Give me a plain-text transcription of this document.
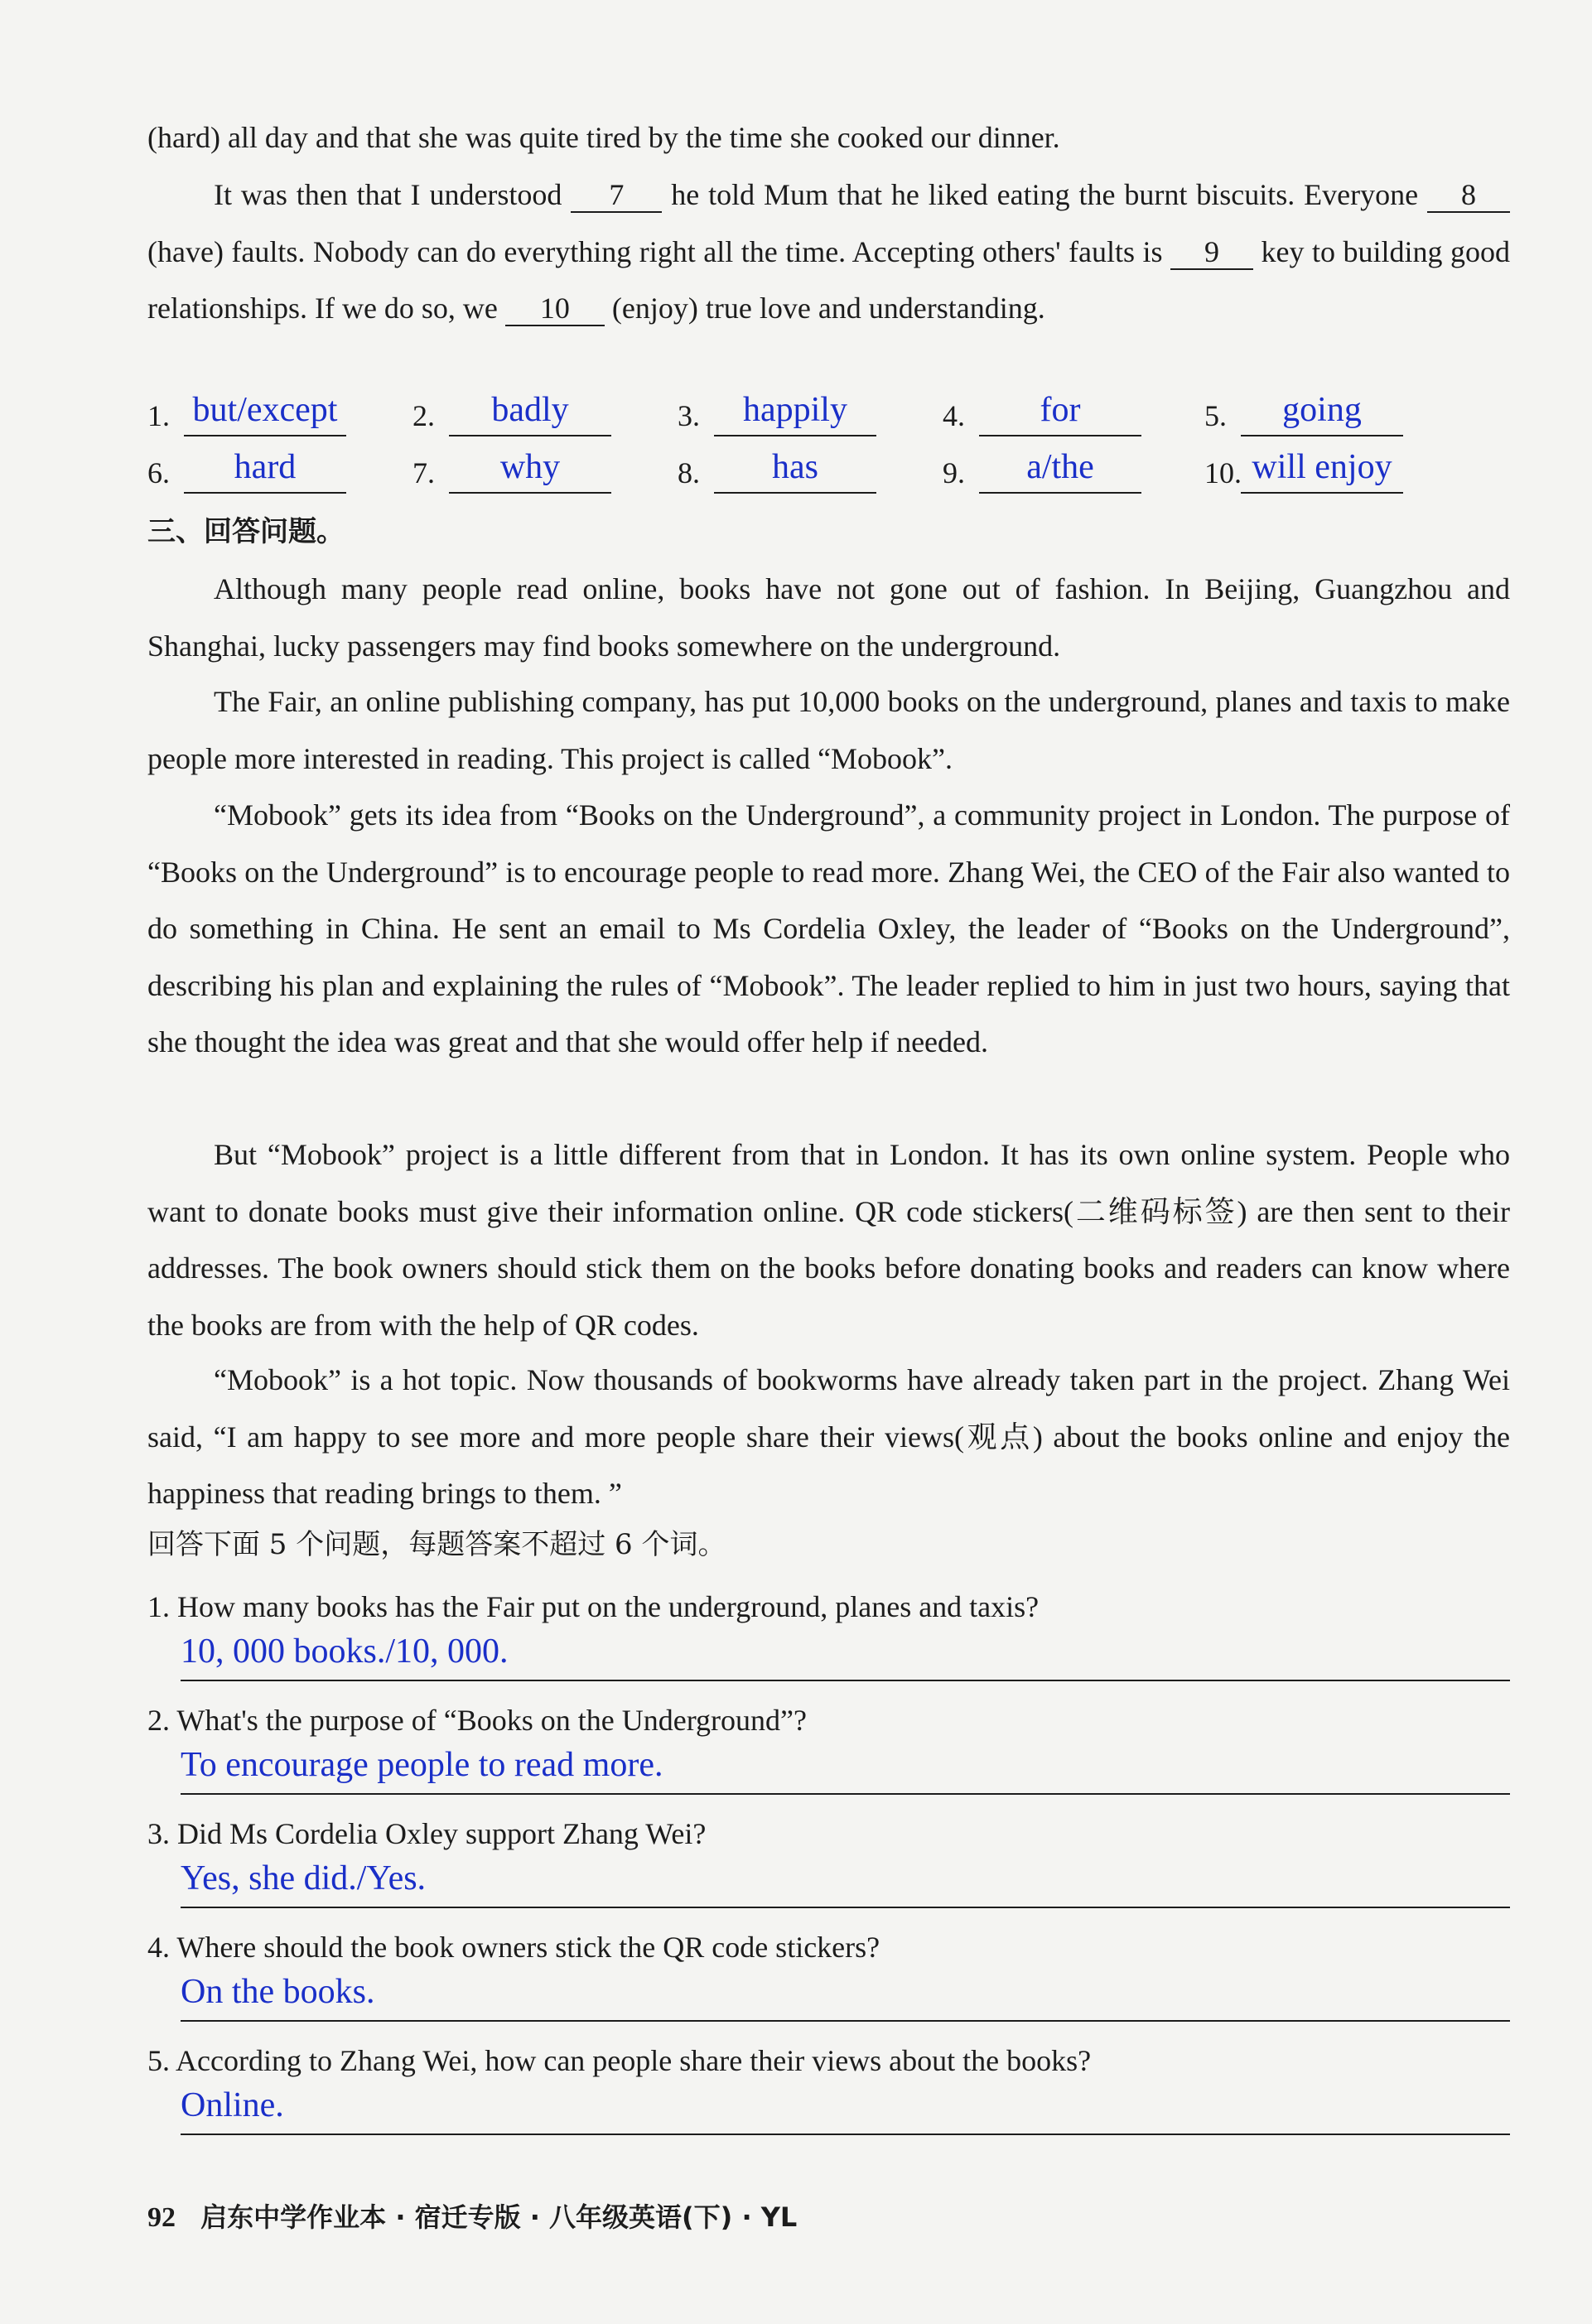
(hard) all day and that she was quite tired by the time she cooked our dinner.

It was then that I understood 7 he told Mum that he liked eating the burnt biscuits. Everyone 8 (have) faults. Nobody can do everything right all the time. Accepting others' faults is 9 key to building good relationships. If we do so, we 10 (enjoy) true love and understanding.

1. but/except	2.	badly	3.	happily	4.	for	5.	going
6.	hard	7.	why	8.	has	9.	a/the	10. will enjoy
三、回答问题。

Although many people read online, books have not gone out of fashion. In Beijing, Guangzhou and Shanghai, lucky passengers may find books somewhere on the underground.

The Fair, an online publishing company, has put 10,000 books on the underground, planes and taxis to make people more interested in reading. This project is called “Mobook”.

“Mobook” gets its idea from “Books on the Underground”, a community project in London. The purpose of “Books on the Underground” is to encourage people to read more. Zhang Wei, the CEO of the Fair also wanted to do something in China. He sent an email to Ms Cordelia Oxley, the leader of “Books on the Underground”, describing his plan and explaining the rules of “Mobook”. The leader replied to him in just two hours, saying that she thought the idea was great and that she would offer help if needed.

But “Mobook” project is a little different from that in London. It has its own online system. People who want to donate books must give their information online. QR code stickers(二维码标签) are then sent to their addresses. The book owners should stick them on the books before donating books and readers can know where the books are from with the help of QR codes.

“Mobook” is a hot topic. Now thousands of bookworms have already taken part in the project. Zhang Wei said, “I am happy to see more and more people share their views(观点) about the books online and enjoy the happiness that reading brings to them. ”

回答下面 5 个问题，每题答案不超过 6 个词。
1. How many books has the Fair put on the underground, planes and taxis?
10, 000 books./10, 000.
2. What's the purpose of “Books on the Underground”?
To encourage people to read more.
3. Did Ms Cordelia Oxley support Zhang Wei?
Yes, she did./Yes.
4. Where should the book owners stick the QR code stickers?
On the books.
5. According to Zhang Wei, how can people share their views about the books?
Online.
92 启东中学作业本 · 宿迁专版 · 八年级英语(下) · YL
